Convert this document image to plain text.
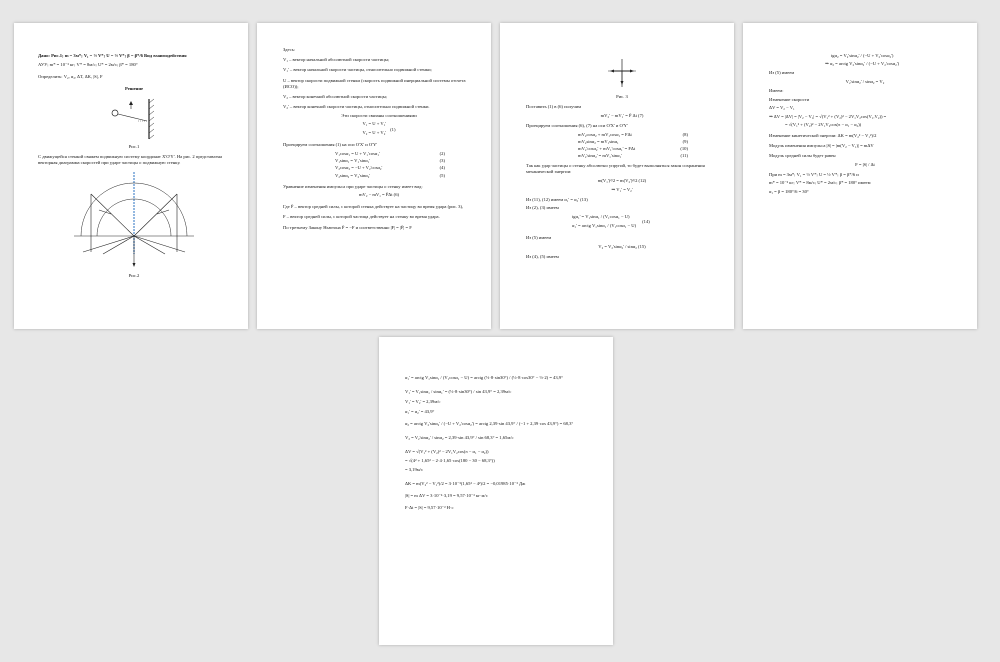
Дано: Рис.1; m = 3м*; V₁ = ½ V*; U = ½ V*; β = β*/6 Вид взаимодействия
АУУ; m* = 10⁻³ кг; V* = 8м/с; U* = 2м/с; β* = 180°
Определить: V₂, α₂, ΔT, ΔK, |S|, F
Решение
Рис.1
С движущейся стенкой свяжем подвижную систему координат X'O'Y'. На рис. 2 представлена векторная диаграмма скоростей при ударе частицы о подвижную стенку.
Рис.2
Здесь:
V₁ – вектор начальной абсолютной скорости частицы;
V₁' – вектор начальной скорости частицы, относительно подвижной стенки;
U – вектор скорости подвижной стенки (скорость подвижной инерциальной системы отсчета (ИСО));
V₂ – вектор конечной абсолютной скорости частицы;
V₂' – вектор конечной скорости частицы, относительно подвижной стенки.
Эти скорости связаны соотношениями
V₁ = U + V₁'
V₂ = U + V₂'
(1)
Проецируем соотношения (1) на оси O'X' и O'Y'
V₁cosα₁ = U + V₁'cosα₁'	(2)
V₁sinα₁ = V₁'sinα₁'	(3)
V₂cosα₂ = −U + V₂'cosα₂'	(4)
V₂sinα₂ = V₂'sinα₂'	(5)
Уравнение изменения импульса при ударе частицы о стенку имеет вид:
mV₂ − mV₁ = F̄Δt (6)
Где F̄ – вектор средней силы, с которой стенка действует на частицу во время удара (рис. 3),
F – вектор средней силы, с которой частица действует на стенку во время удара.
По третьему Закону Ньютона F̄ = −F и соответственно |F| = |F̄| = F
Рис. 3
Поставить (1) в (6) получим
mV₂' − mV₁' = F̄ Δt (7)
Проецируем соотношения (6), (7) на оси O'X' и O'Y'
mV₂cosα₂ + mV₁cosα₁ = FΔt	(8)
mV₂sinα₂ = mV₁sinα₁	(9)
mV₂'cosα₂' + mV₁'cosα₁' = FΔt	(10)
mV₂'sinα₂' = mV₁'sinα₁'	(11)
Так как удар частицы о стенку абсолютно упругий, то будет выполняться закон сохранения механической энергии:
m(V₁')²/2 = m(V₂')²/2 (12)
⇒ V₁' = V₂'
Из (11), (12) имеем α₁' = α₂' (13)
Из (2), (3) имеем
tgα₁' = V₁sinα₁ / (V₁cosα₁ − U)
α₁' = arctg V₁sinα₁ / (V₁cosα₁ − U)
(14)
Из (5) имеем
V₂ = V₂'sinα₂' / sinα₂ (15)
Из (4), (5) имеем
tgα₂ = V₂'sinα₂' / (−U + V₂'cosα₂')
⇒ α₂ = arctg V₂'sinα₂' / (−U + V₂'cosα₂')
Из (5) имеем
V₂'sinα₂' / sinα₂ = V₂
Имеем:
Изменение скорости
ΔV = V₂ − V₁
⇒ ΔV = |ΔV| = |V₂ − V₁| = √(V₁² + (V₂)² − 2V₁V₂cos(V₁,V₂)) =
= √(V₁² + (V₂)² − 2V₁V₂cos(π − α₁ − α₂))
Изменение кинетической энергии: ΔK = m(V₂² − V₁²)/2
Модуль изменения импульса |S| = |m(V₂ − V₁)| = mΔV
Модуль средней силы будет равен
F = |S| / Δt
При m = 3м*; V₁ = ½ V*; U = ½ V*; β = β*/6 и
m* = 10⁻³ кг; V* = 8м/с; U* = 2м/с; β* = 180° имеем
α₁ = β = 180°/6 = 30°
α₁' = arctg V₁sinα₁ / (V₁cosα₁ − U) = arctg (½·8·sin30°) / (½·8·cos30° − ½·2) = 43,9°
V₁' = V₁sinα₁ / sinα₁' = (½·8·sin30°) / sin 43,9° = 2,39м/с
V₁' = V₂' = 2,39м/с
α₁' = α₂' = 43,9°
α₂ = arctg V₂'sinα₂' / (−U + V₂'cosα₂') = arctg 2,39·sin 43,9° / (−1 + 2,39·cos 43,9°) = 68,3°
V₂ = V₂'sinα₂' / sinα₂ = 2,39·sin 43,9° / sin 68,3° = 1,65м/с
ΔV = √(V₁² + (V₂)² − 2V₁V₂cos(π − α₁ − α₂))
= √(4² + 1,65² − 2·4·1,65·cos(180 − 30 − 68,3°))
= 3,19м/с
ΔK = m(V₂² − V₁²)/2 = 3·10⁻³(1,65² − 4²)/2 = −0,01985·10⁻³ Дж
|S| = m ΔV = 3·10⁻³·3,19 = 9,57·10⁻³ кг·м/с
F·Δt = |S| = 9,57·10⁻³ Н·с
